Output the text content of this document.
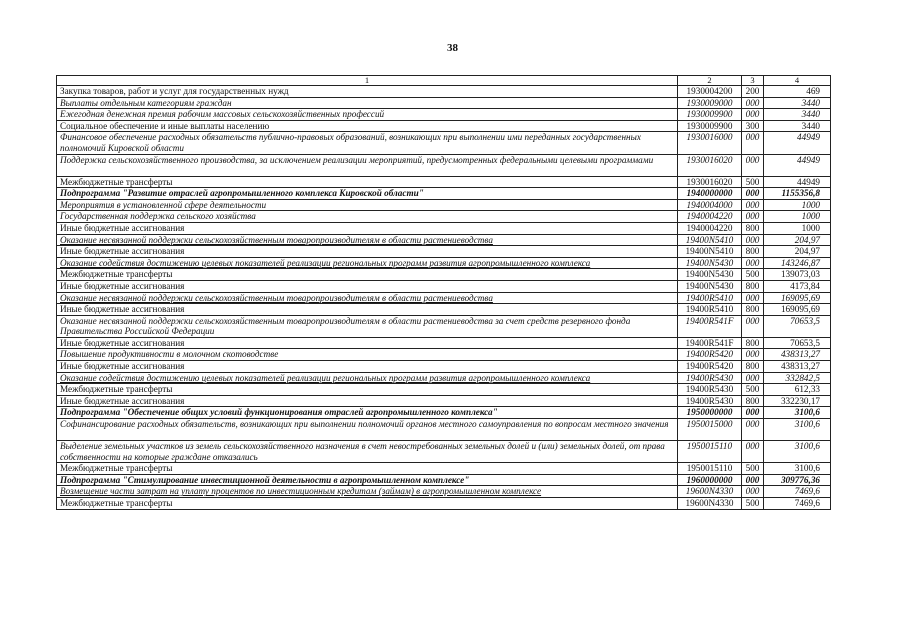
38
1	2	3	4
Закупка товаров, работ и услуг для государственных нужд	1930004200	200	469
Выплаты отдельным категориям граждан	1930009000	000	3440
Ежегодная денежная премия рабочим массовых сельскохозяйственных профессий	1930009900	000	3440
Социальное обеспечение и иные выплаты населению	1930009900	300	3440
Финансовое обеспечение расходных обязательств публично-правовых образований, возникающих при выполнении ими переданных государственных полномочий Кировской области	1930016000	000	44949
Поддержка сельскохозяйственного производства, за исключением реализации мероприятий, предусмотренных федеральными целевыми программами	1930016020	000	44949
Межбюджетные трансферты	1930016020	500	44949
Подпрограмма "Развитие отраслей агропромышленного комплекса Кировской области"	1940000000	000	1155356,8
Мероприятия в установленной сфере деятельности	1940004000	000	1000
Государственная поддержка сельского хозяйства	1940004220	000	1000
Иные бюджетные ассигнования	1940004220	800	1000
Оказание несвязанной поддержки сельскохозяйственным товаропроизводителям в области растениеводства	19400N5410	000	204,97
Иные бюджетные ассигнования	19400N5410	800	204,97
Оказание содействия достижению целевых показателей реализации региональных программ развития агропромышленного комплекса	19400N5430	000	143246,87
Межбюджетные трансферты	19400N5430	500	139073,03
Иные бюджетные ассигнования	19400N5430	800	4173,84
Оказание несвязанной поддержки сельскохозяйственным товаропроизводителям в области растениеводства	19400R5410	000	169095,69
Иные бюджетные ассигнования	19400R5410	800	169095,69
Оказание несвязанной поддержки сельскохозяйственным товаропроизводителям в области растениеводства за счет средств резервного фонда Правительства Российской Федерации	19400R541F	000	70653,5
Иные бюджетные ассигнования	19400R541F	800	70653,5
Повышение продуктивности в молочном скотоводстве	19400R5420	000	438313,27
Иные бюджетные ассигнования	19400R5420	800	438313,27
Оказание содействия достижению целевых показателей реализации региональных программ развития агропромышленного комплекса	19400R5430	000	332842,5
Межбюджетные трансферты	19400R5430	500	612,33
Иные бюджетные ассигнования	19400R5430	800	332230,17
Подпрограмма "Обеспечение общих условий функционирования отраслей агропромышленного комплекса"	1950000000	000	3100,6
Софинансирование расходных обязательств, возникающих при выполнении полномочий органов местного самоуправления по вопросам местного значения	1950015000	000	3100,6
Выделение земельных участков из земель сельскохозяйственного назначения в счет невостребованных земельных долей и (или) земельных долей, от права собственности на которые граждане отказались	1950015110	000	3100,6
Межбюджетные трансферты	1950015110	500	3100,6
Подпрограмма "Стимулирование инвестиционной деятельности в агропромышленном комплексе"	1960000000	000	309776,36
Возмещение части затрат на уплату процентов по инвестиционным кредитам (займам) в агропромышленном комплексе	19600N4330	000	7469,6
Межбюджетные трансферты	19600N4330	500	7469,6
